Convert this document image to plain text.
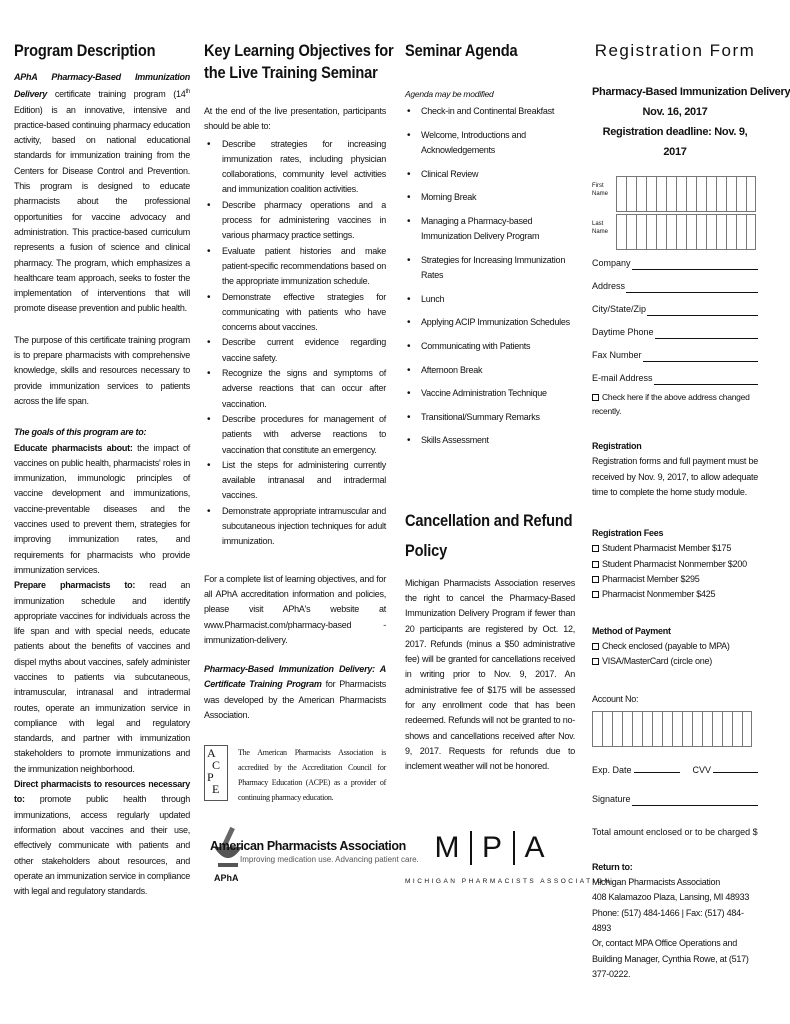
Program Description

APhA Pharmacy-Based Immunization Delivery certificate training program (14th Edition) is an innovative, intensive and practice-based continuing pharmacy education activity, based on national educational standards for immunization training from the Centers for Disease Control and Prevention. This program is designed to educate pharmacists about the professional opportunities for vaccine advocacy and administration. This practice-based curriculum represents a fusion of science and clinical pharmacy. The program, which emphasizes a healthcare team approach, seeks to foster the implementation of interventions that will promote disease prevention and public health.

The purpose of this certificate training program is to prepare pharmacists with comprehensive knowledge, skills and resources necessary to provide immunization services to patients across the life span.

The goals of this program are to:

Educate pharmacists about: the impact of vaccines on public health, pharmacists' roles in immunization, immunologic principles of vaccine development and immunizations, vaccine-preventable diseases and the vaccines used to prevent them, strategies for improving immunization rates, and requirements for pharmacists who provide immunization services.

Prepare pharmacists to: read an immunization schedule and identify appropriate vaccines for individuals across the life span and with special needs, educate patients about the benefits of vaccines and dispel myths about vaccines, safely administer vaccines to patients via subcutaneous, intramuscular, intranasal and intradermal routes, operate an immunization service in compliance with legal and regulatory standards, and partner with immunization stakeholders to promote immunizations and the immunization neighborhood.

Direct pharmacists to resources necessary to: promote public health through immunizations, access regularly updated information about vaccines and their use, effectively communicate with patients and other stakeholders about resources, and operate an immunization service in compliance with legal and regulatory standards.

Key Learning Objectives for
the Live Training Seminar

At the end of the live presentation, participants should be able to:

• Describe strategies for increasing immunization rates, including physician collaborations, community level activities and immunization coalition activities.
• Describe pharmacy operations and a process for administering vaccines in various pharmacy practice settings.
• Evaluate patient histories and make patient-specific recommendations based on the appropriate immunization schedule.
• Demonstrate effective strategies for communicating with patients who have concerns about vaccines.
• Describe current evidence regarding vaccine safety.
• Recognize the signs and symptoms of adverse reactions that can occur after vaccination.
• Describe procedures for management of patients with adverse reactions to vaccination that constitute an emergency.
• List the steps for administering currently available intranasal and intradermal vaccines.
• Demonstrate appropriate intramuscular and subcutaneous injection techniques for adult immunization.

For a complete list of learning objectives, and for all APhA accreditation information and policies, please visit APhA's website at www.Pharmacist.com/pharmacy-based -immunization-delivery.

Pharmacy-Based Immunization Delivery: A Certificate Training Program for Pharmacists was developed by the American Pharmacists Association.

A
C
P
E

The American Pharmacists Association is accredited by the Accreditation Council for Pharmacy Education (ACPE) as a provider of continuing pharmacy education.

American Pharmacists Association
Improving medication use. Advancing patient care.
APhA
Seminar Agenda

Agenda may be modified

• Check-in and Continental Breakfast
• Welcome, Introductions and Acknowledgements
• Clinical Review
• Morning Break
• Managing a Pharmacy-based Immunization Delivery Program
• Strategies for Increasing Immunization Rates
• Lunch
• Applying ACIP Immunization Schedules
• Communicating with Patients
• Afternoon Break
• Vaccine Administration Technique
• Transitional/Summary Remarks
• Skills Assessment
Cancellation and Refund
Policy

Michigan Pharmacists Association reserves the right to cancel the Pharmacy-Based Immunization Delivery Program if fewer than 20 participants are registered by Oct. 12, 2017. Refunds (minus a $50 administrative fee) will be granted for cancellations received in writing prior to Nov. 9, 2017. An administrative fee of $175 will be assessed for any enrollment code that has been redeemed. Refunds will not be granted to no-shows and cancellations received after Nov. 9, 2017. Requests for refunds due to inclement weather will not be honored.

M P A
MICHIGAN PHARMACISTS ASSOCIATION
Registration Form
Pharmacy-Based Immunization Delivery
Nov. 16, 2017
Registration deadline: Nov. 9, 2017
First
Name
Last
Name
Company
Address
City/State/Zip
Daytime Phone
Fax Number
E-mail Address

Check here if the above address changed recently.

Registration

Registration forms and full payment must be received by Nov. 9, 2017, to allow adequate time to complete the home study module.

Registration Fees

Student Pharmacist Member $175

Student Pharmacist Nonmember $200

Pharmacist Member $295

Pharmacist Nonmember $425

Method of Payment

Check enclosed (payable to MPA)

VISA/MasterCard (circle one)

Account No:

Exp. Date	CVV
Signature
Total amount enclosed or to be charged $

Return to:

Michigan Pharmacists Association

408 Kalamazoo Plaza, Lansing, MI 48933

Phone: (517) 484-1466 | Fax: (517) 484-4893

Or, contact MPA Office Operations and Building Manager, Cynthia Rowe, at (517) 377-0222.
